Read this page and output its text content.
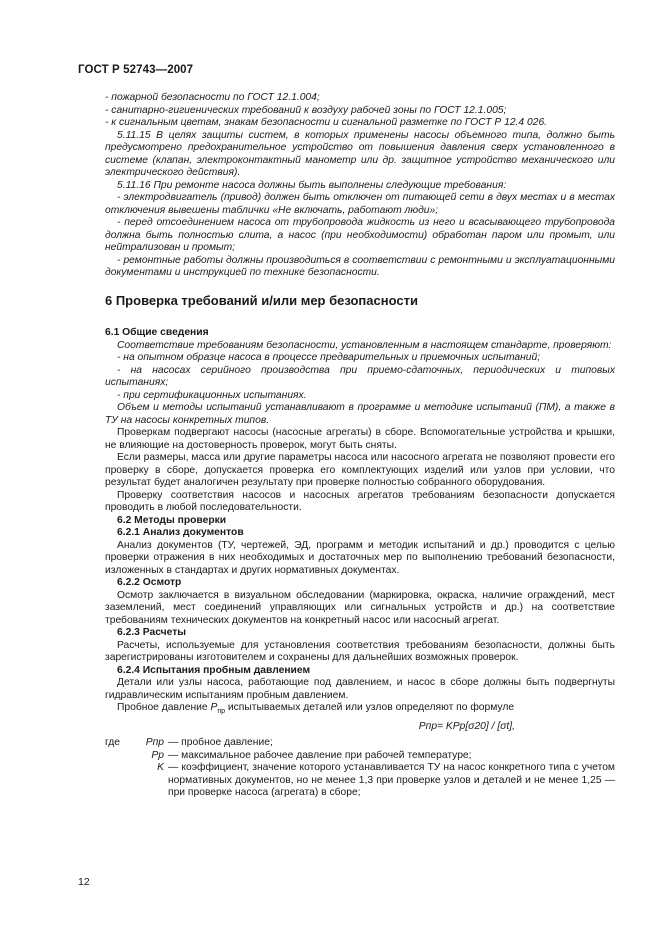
ГОСТ Р 52743—2007

- пожарной безопасности по ГОСТ 12.1.004;

- санитарно-гигиенических требований к воздуху рабочей зоны по ГОСТ 12.1.005;

- к сигнальным цветам, знакам безопасности и сигнальной разметке по ГОСТ Р 12.4 026.

5.11.15 В целях защиты систем, в которых применены насосы объемного типа, должно быть предусмотрено предохранительное устройство от повышения давления сверх установленного в системе (клапан, электроконтактный манометр или др. защитное устройство механического или электрического действия).

5.11.16 При ремонте насоса должны быть выполнены следующие требования:

- электродвигатель (привод) должен быть отключен от питающей сети в двух местах и в местах отключения вывешены таблички «Не включать, работают люди»;

- перед отсоединением насоса от трубопровода жидкость из него и всасывающего трубопровода должна быть полностью слита, а насос (при необходимости) обработан паром или промыт, или нейтрализован и промыт;

- ремонтные работы должны производиться в соответствии с ремонтными и эксплуатационными документами и инструкцией по технике безопасности.

6 Проверка требований и/или мер безопасности

6.1 Общие сведения

Соответствие требованиям безопасности, установленным в настоящем стандарте, проверяют:

- на опытном образце насоса в процессе предварительных и приемочных испытаний;

- на насосах серийного производства при приемо-сдаточных, периодических и типовых испытаниях;

- при сертификационных испытаниях.

Объем и методы испытаний устанавливают в программе и методике испытаний (ПМ), а также в ТУ на насосы конкретных типов.

Проверкам подвергают насосы (насосные агрегаты) в сборе. Вспомогательные устройства и крышки, не влияющие на достоверность проверок, могут быть сняты.

Если размеры, масса или другие параметры насоса или насосного агрегата не позволяют провести его проверку в сборе, допускается проверка его комплектующих изделий или узлов при условии, что результат будет аналогичен результату при проверке полностью собранного оборудования.

Проверку соответствия насосов и насосных агрегатов требованиям безопасности допускается проводить в любой последовательности.

6.2 Методы проверки

6.2.1 Анализ документов

Анализ документов (ТУ, чертежей, ЭД, программ и методик испытаний и др.) проводится с целью проверки отражения в них необходимых и достаточных мер по выполнению требований безопасности, изложенных в стандартах и других нормативных документах.

6.2.2 Осмотр

Осмотр заключается в визуальном обследовании (маркировка, окраска, наличие ограждений, мест заземлений, мест соединений управляющих или сигнальных устройств и др.) на соответствие требованиям технических документов на конкретный насос или насосный агрегат.

6.2.3 Расчеты

Расчеты, используемые для установления соответствия требованиям безопасности, должны быть зарегистрированы изготовителем и сохранены для дальнейших возможных проверок.

6.2.4 Испытания пробным давлением

Детали или узлы насоса, работающие под давлением, и насос в сборе должны быть подвергнуты гидравлическим испытаниям пробным давлением.

Пробное давление $P_{пр}$ испытываемых деталей или узлов определяют по формуле

Pпр= KPр[σ20] / [σt],

где	Pпр — пробное давление;
Pр — максимальное рабочее давление при рабочей температуре;
K — коэффициент, значение которого устанавливается ТУ на насос конкретного типа с учетом нормативных документов, но не менее 1,3 при проверке узлов и деталей и не менее 1,25 — при проверке насоса (агрегата) в сборе;
12
